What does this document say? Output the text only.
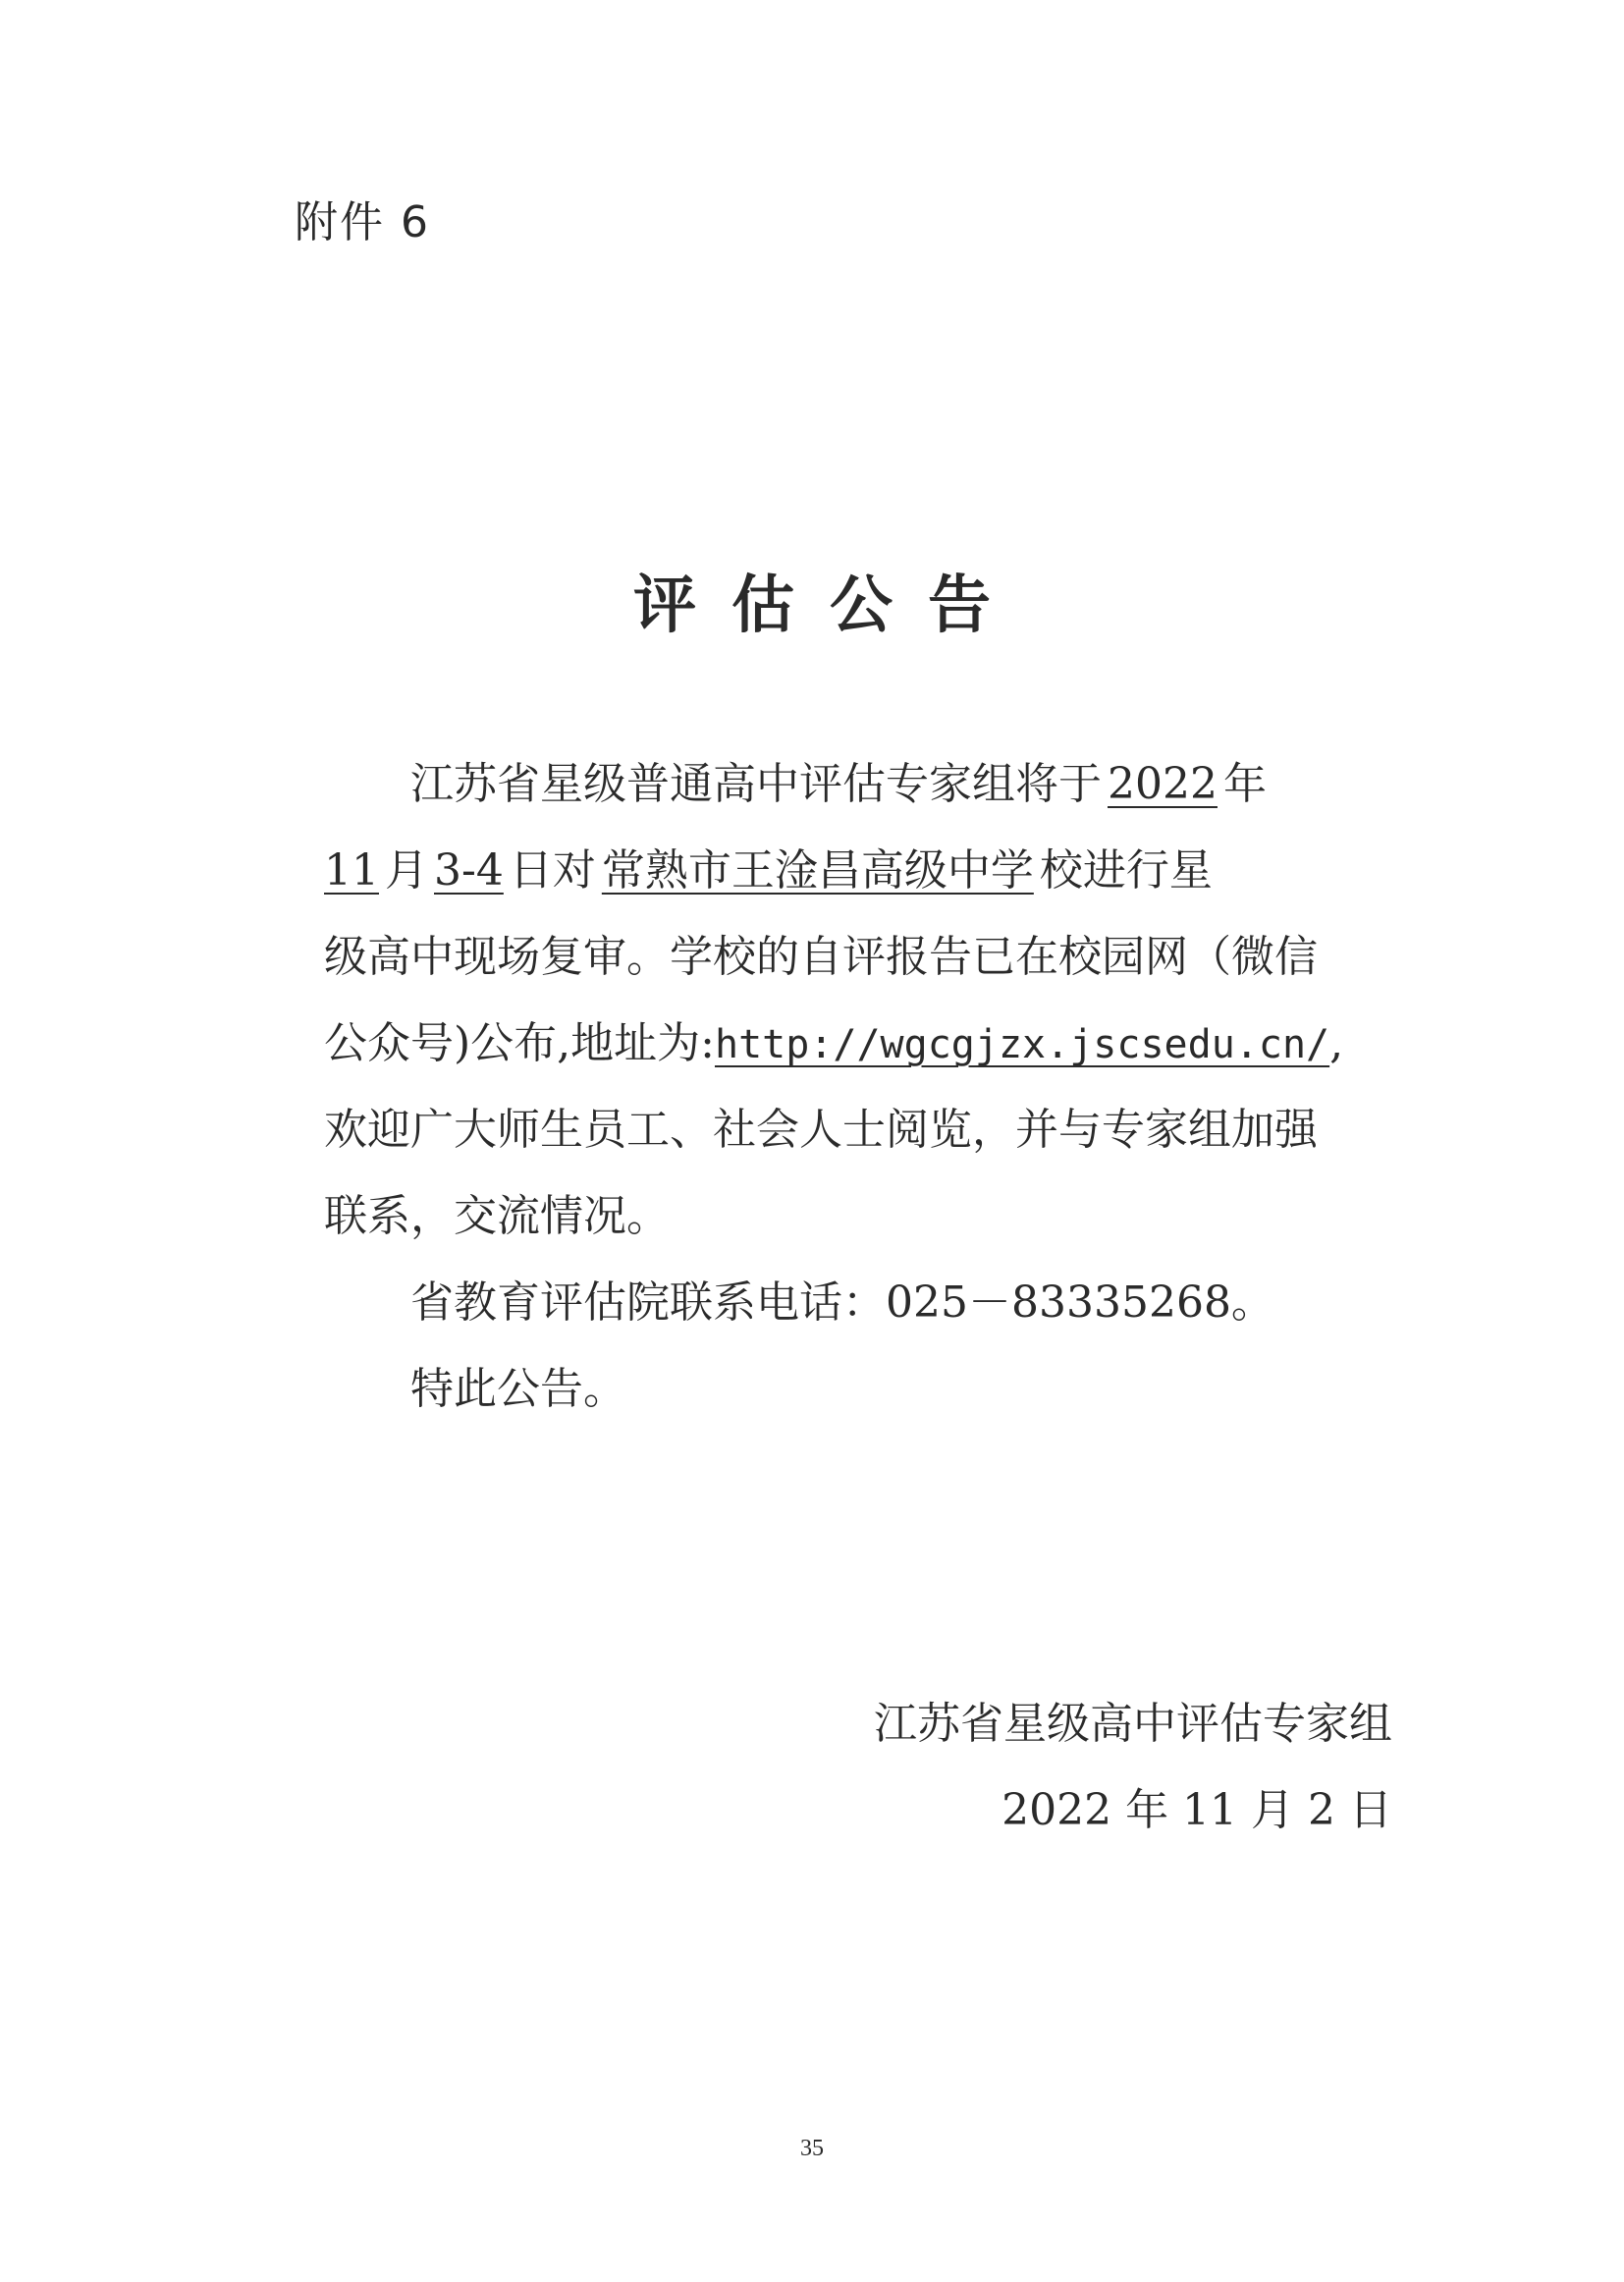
附件 6
评估公告
江苏省星级普通高中评估专家组将于 2022 年
11 月 3-4 日对 常熟市王淦昌高级中学 校进行星
级高中现场复审。学校的自评报告已在校园网（微信
公众号)公布,地址为:http://wgcgjzx.jscsedu.cn/,
欢迎广大师生员工、社会人士阅览，并与专家组加强
联系，交流情况。
省教育评估院联系电话：025－83335268。
特此公告。
江苏省星级高中评估专家组
2022 年 11 月 2 日
35
